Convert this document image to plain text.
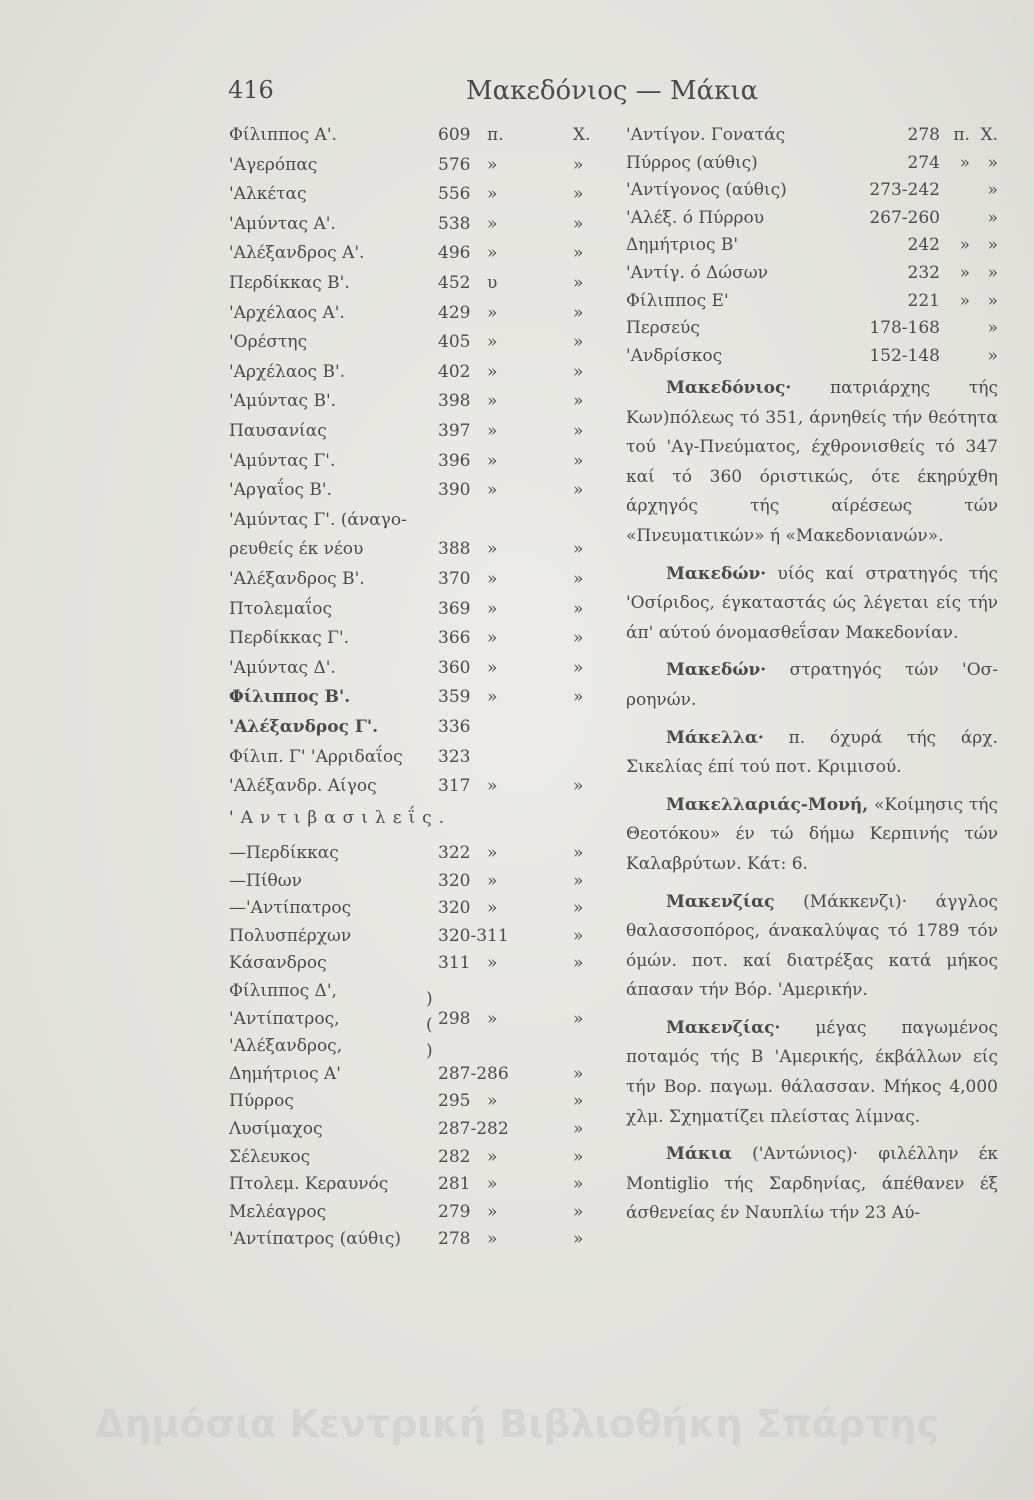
416	Μακεδόνιος — Μάκια
Φίλιππος Α'.	609 π.	Χ.
'Αγερόπας	576 »	»
'Αλκέτας	556 »	»
'Αμύντας Α'.	538 »	»
'Αλέξανδρος Α'.	496 »	»
Περδίκκας Β'.	452 υ	»
'Αρχέλαος Α'.	429 »	»
'Ορέστης	405 »	»
'Αρχέλαος Β'.	402 »	»
'Αμύντας Β'.	398 »	»
Παυσανίας	397 »	»
'Αμύντας Γ'.	396 »	»
'Αργαΐος Β'.	390 »	»
'Αμύντας Γ'. (άναγο-
ρευθείς έκ νέου	388 »	»
'Αλέξανδρος Β'.	370 »	»
Πτολεμαΐος	369 »	»
Περδίκκας Γ'.	366 »	»
'Αμύντας Δ'.	360 »	»
Φίλιππος Β'.	359 »	»
'Αλέξανδρος Γ'.	336
Φίλιπ. Γ' 'Αρριδαΐος 323
'Αλέξανδρ. Αίγος	317 »	»
'Αντιβασιλεΐς.
—Περδίκκας	322 »	»
—Πίθων	320 »	»
—'Αντίπατρος	320 »	»
Πολυσπέρχων	320-311	»
Κάσανδρος	311 »	»
Φίλιππος Δ',
'Αντίπατρος,	298 »	»
'Αλέξανδρος,
Δημήτριος Α'	287-286	»
Πύρρος	295 »	»
Λυσίμαχος	287-282	»
Σέλευκος	282 »	»
Πτολεμ. Κεραυνός	281 »	»
Μελέαγρος	279 »	»
'Αντίπατρος (αύθις) 278 »	»
)
(
)
'Αντίγον. Γονατάς	278 π. Χ.
Πύρρος (αύθις)	274 » »
'Αντίγονος (αύθις)	273-242	»
'Αλέξ. ό Πύρρου	267-260	»
Δημήτριος Β'	242 » »
'Αντίγ. ό Δώσων	232 » »
Φίλιππος Ε'	221 » »
Περσεύς	178-168	»
'Ανδρίσκος	152-148	»
Μακεδόνιος· πατριάρχης τής Κων)πόλεως τό 351, άρνηθείς τήν θεότητα τού 'Αγ-Πνεύματος, έχθρονισθείς τό 347 καί τό 360 όριστικώς, ότε έκηρύχθη άρχηγός τής αίρέσεως τών «Πνευματικών» ή «Μακεδονιανών».
Μακεδών· υίός καί στρατηγός τής 'Οσίριδος, έγκαταστάς ώς λέγεται είς τήν άπ' αύτού όνομασθεΐσαν Μακεδονίαν.
Μακεδών· στρατηγός τών 'Οσ-ροηνών.
Μάκελλα· π. όχυρά τής άρχ. Σικελίας έπί τού ποτ. Κριμισού.
Μακελλαριάς-Μονή, «Κοίμησις τής Θεοτόκου» έν τώ δήμω Κερπινής τών Καλαβρύτων. Κάτ: 6.
Μακενζίας (Μάκκενζι)· άγγλος θαλασσοπόρος, άνακαλύψας τό 1789 τόν όμών. ποτ. καί διατρέξας κατά μήκος άπασαν τήν Βόρ. 'Αμερικήν.
Μακενζίας· μέγας παγωμένος ποταμός τής Β 'Αμερικής, έκβάλλων είς τήν Βορ. παγωμ. θάλασσαν. Μήκος 4,000 χλμ. Σχηματίζει πλείστας λίμνας.
Μάκια ('Αντώνιος)· φιλέλλην έκ Montiglio τής Σαρδηνίας, άπέθανεν έξ άσθενείας έν Ναυπλίω τήν 23 Αύ-
Δημόσια Κεντρική Βιβλιοθήκη Σπάρτης
